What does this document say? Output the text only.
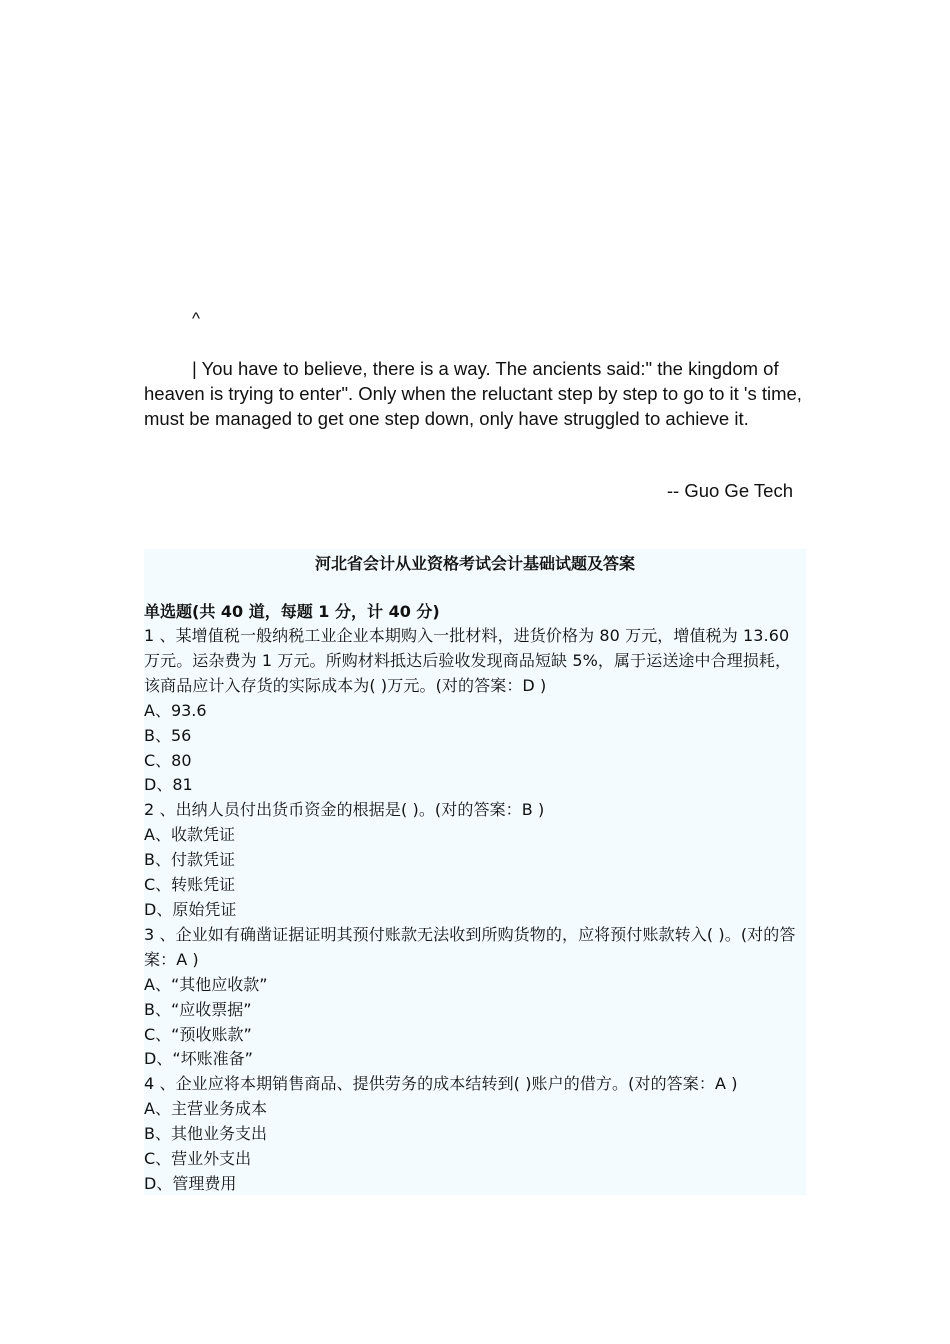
^

| You have to believe, there is a way. The ancients said:" the kingdom of heaven is trying to enter". Only when the reluctant step by step to go to it 's time, must be managed to get one step down, only have struggled to achieve it.

-- Guo Ge Tech
河北省会计从业资格考试会计基础试题及答案
单选题(共 40 道，每题 1 分，计 40 分)
1 、某增值税一般纳税工业企业本期购入一批材料，进货价格为 80 万元，增值税为 13.60 万元。运杂费为 1 万元。所购材料抵达后验收发现商品短缺 5%，属于运送途中合理损耗，该商品应计入存货的实际成本为( )万元。(对的答案：D )
A、93.6
B、56
C、80
D、81
2 、出纳人员付出货币资金的根据是( )。(对的答案：B )
A、收款凭证
B、付款凭证
C、转账凭证
D、原始凭证
3 、企业如有确凿证据证明其预付账款无法收到所购货物的，应将预付账款转入( )。(对的答案：A )
A、“其他应收款”
B、“应收票据”
C、“预收账款”
D、“坏账准备”
4 、企业应将本期销售商品、提供劳务的成本结转到( )账户的借方。(对的答案：A )
A、主营业务成本
B、其他业务支出
C、营业外支出
D、管理费用
